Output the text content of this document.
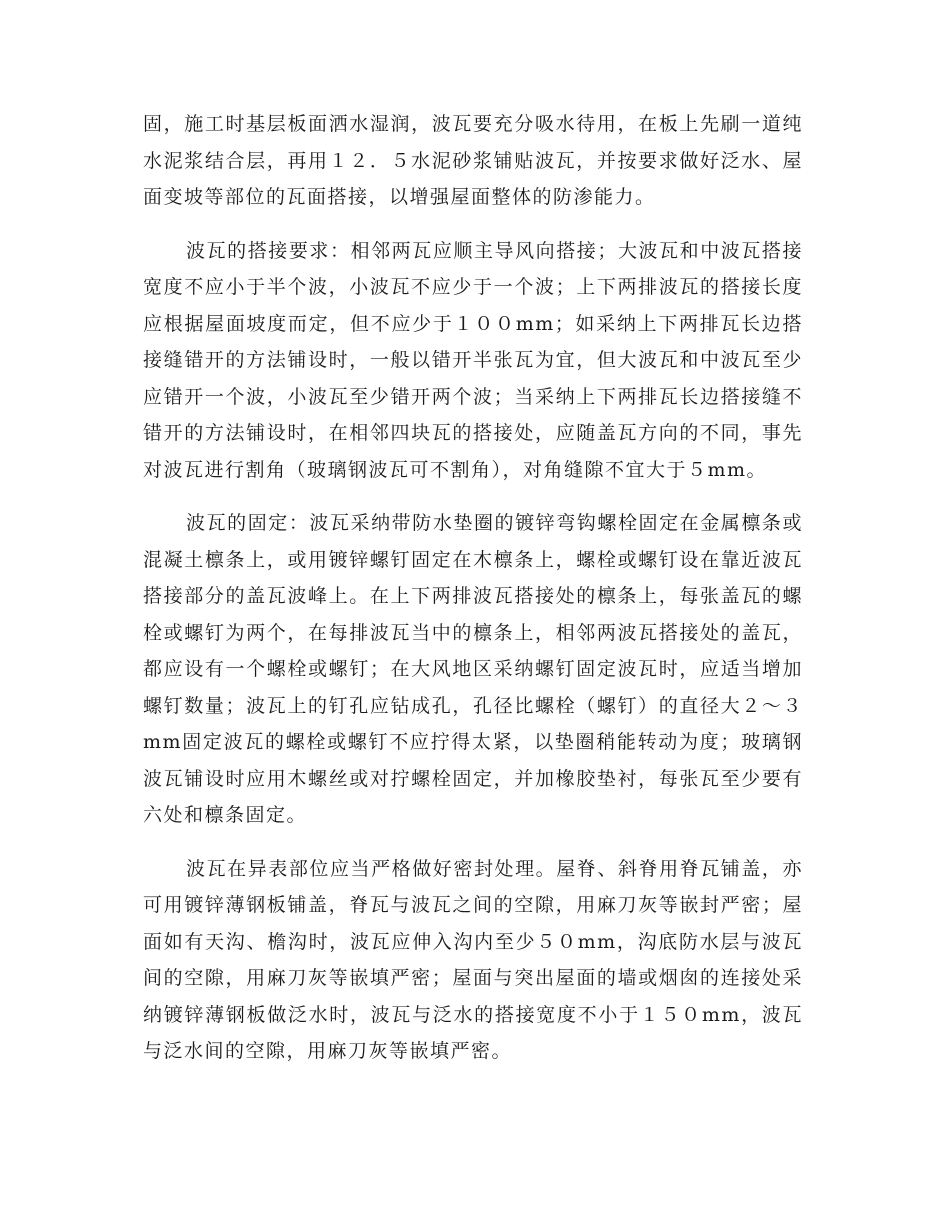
固，施工时基层板面洒水湿润，波瓦要充分吸水待用，在板上先刷一道纯水泥浆结合层，再用１２．５水泥砂浆铺贴波瓦，并按要求做好泛水、屋面变坡等部位的瓦面搭接，以增强屋面整体的防渗能力。

波瓦的搭接要求：相邻两瓦应顺主导风向搭接；大波瓦和中波瓦搭接宽度不应小于半个波，小波瓦不应少于一个波；上下两排波瓦的搭接长度应根据屋面坡度而定，但不应少于１００mm；如采纳上下两排瓦长边搭接缝错开的方法铺设时，一般以错开半张瓦为宜，但大波瓦和中波瓦至少应错开一个波，小波瓦至少错开两个波；当采纳上下两排瓦长边搭接缝不错开的方法铺设时，在相邻四块瓦的搭接处，应随盖瓦方向的不同，事先对波瓦进行割角（玻璃钢波瓦可不割角），对角缝隙不宜大于５mm。

波瓦的固定：波瓦采纳带防水垫圈的镀锌弯钩螺栓固定在金属檩条或混凝土檩条上，或用镀锌螺钉固定在木檩条上，螺栓或螺钉设在靠近波瓦搭接部分的盖瓦波峰上。在上下两排波瓦搭接处的檩条上，每张盖瓦的螺栓或螺钉为两个，在每排波瓦当中的檩条上，相邻两波瓦搭接处的盖瓦，都应设有一个螺栓或螺钉；在大风地区采纳螺钉固定波瓦时，应适当增加螺钉数量；波瓦上的钉孔应钻成孔，孔径比螺栓（螺钉）的直径大２～３mm固定波瓦的螺栓或螺钉不应拧得太紧，以垫圈稍能转动为度；玻璃钢波瓦铺设时应用木螺丝或对拧螺栓固定，并加橡胶垫衬，每张瓦至少要有六处和檩条固定。

波瓦在异表部位应当严格做好密封处理。屋脊、斜脊用脊瓦铺盖，亦可用镀锌薄钢板铺盖，脊瓦与波瓦之间的空隙，用麻刀灰等嵌封严密；屋面如有天沟、檐沟时，波瓦应伸入沟内至少５０mm，沟底防水层与波瓦间的空隙，用麻刀灰等嵌填严密；屋面与突出屋面的墙或烟囱的连接处采纳镀锌薄钢板做泛水时，波瓦与泛水的搭接宽度不小于１５０mm，波瓦与泛水间的空隙，用麻刀灰等嵌填严密。
